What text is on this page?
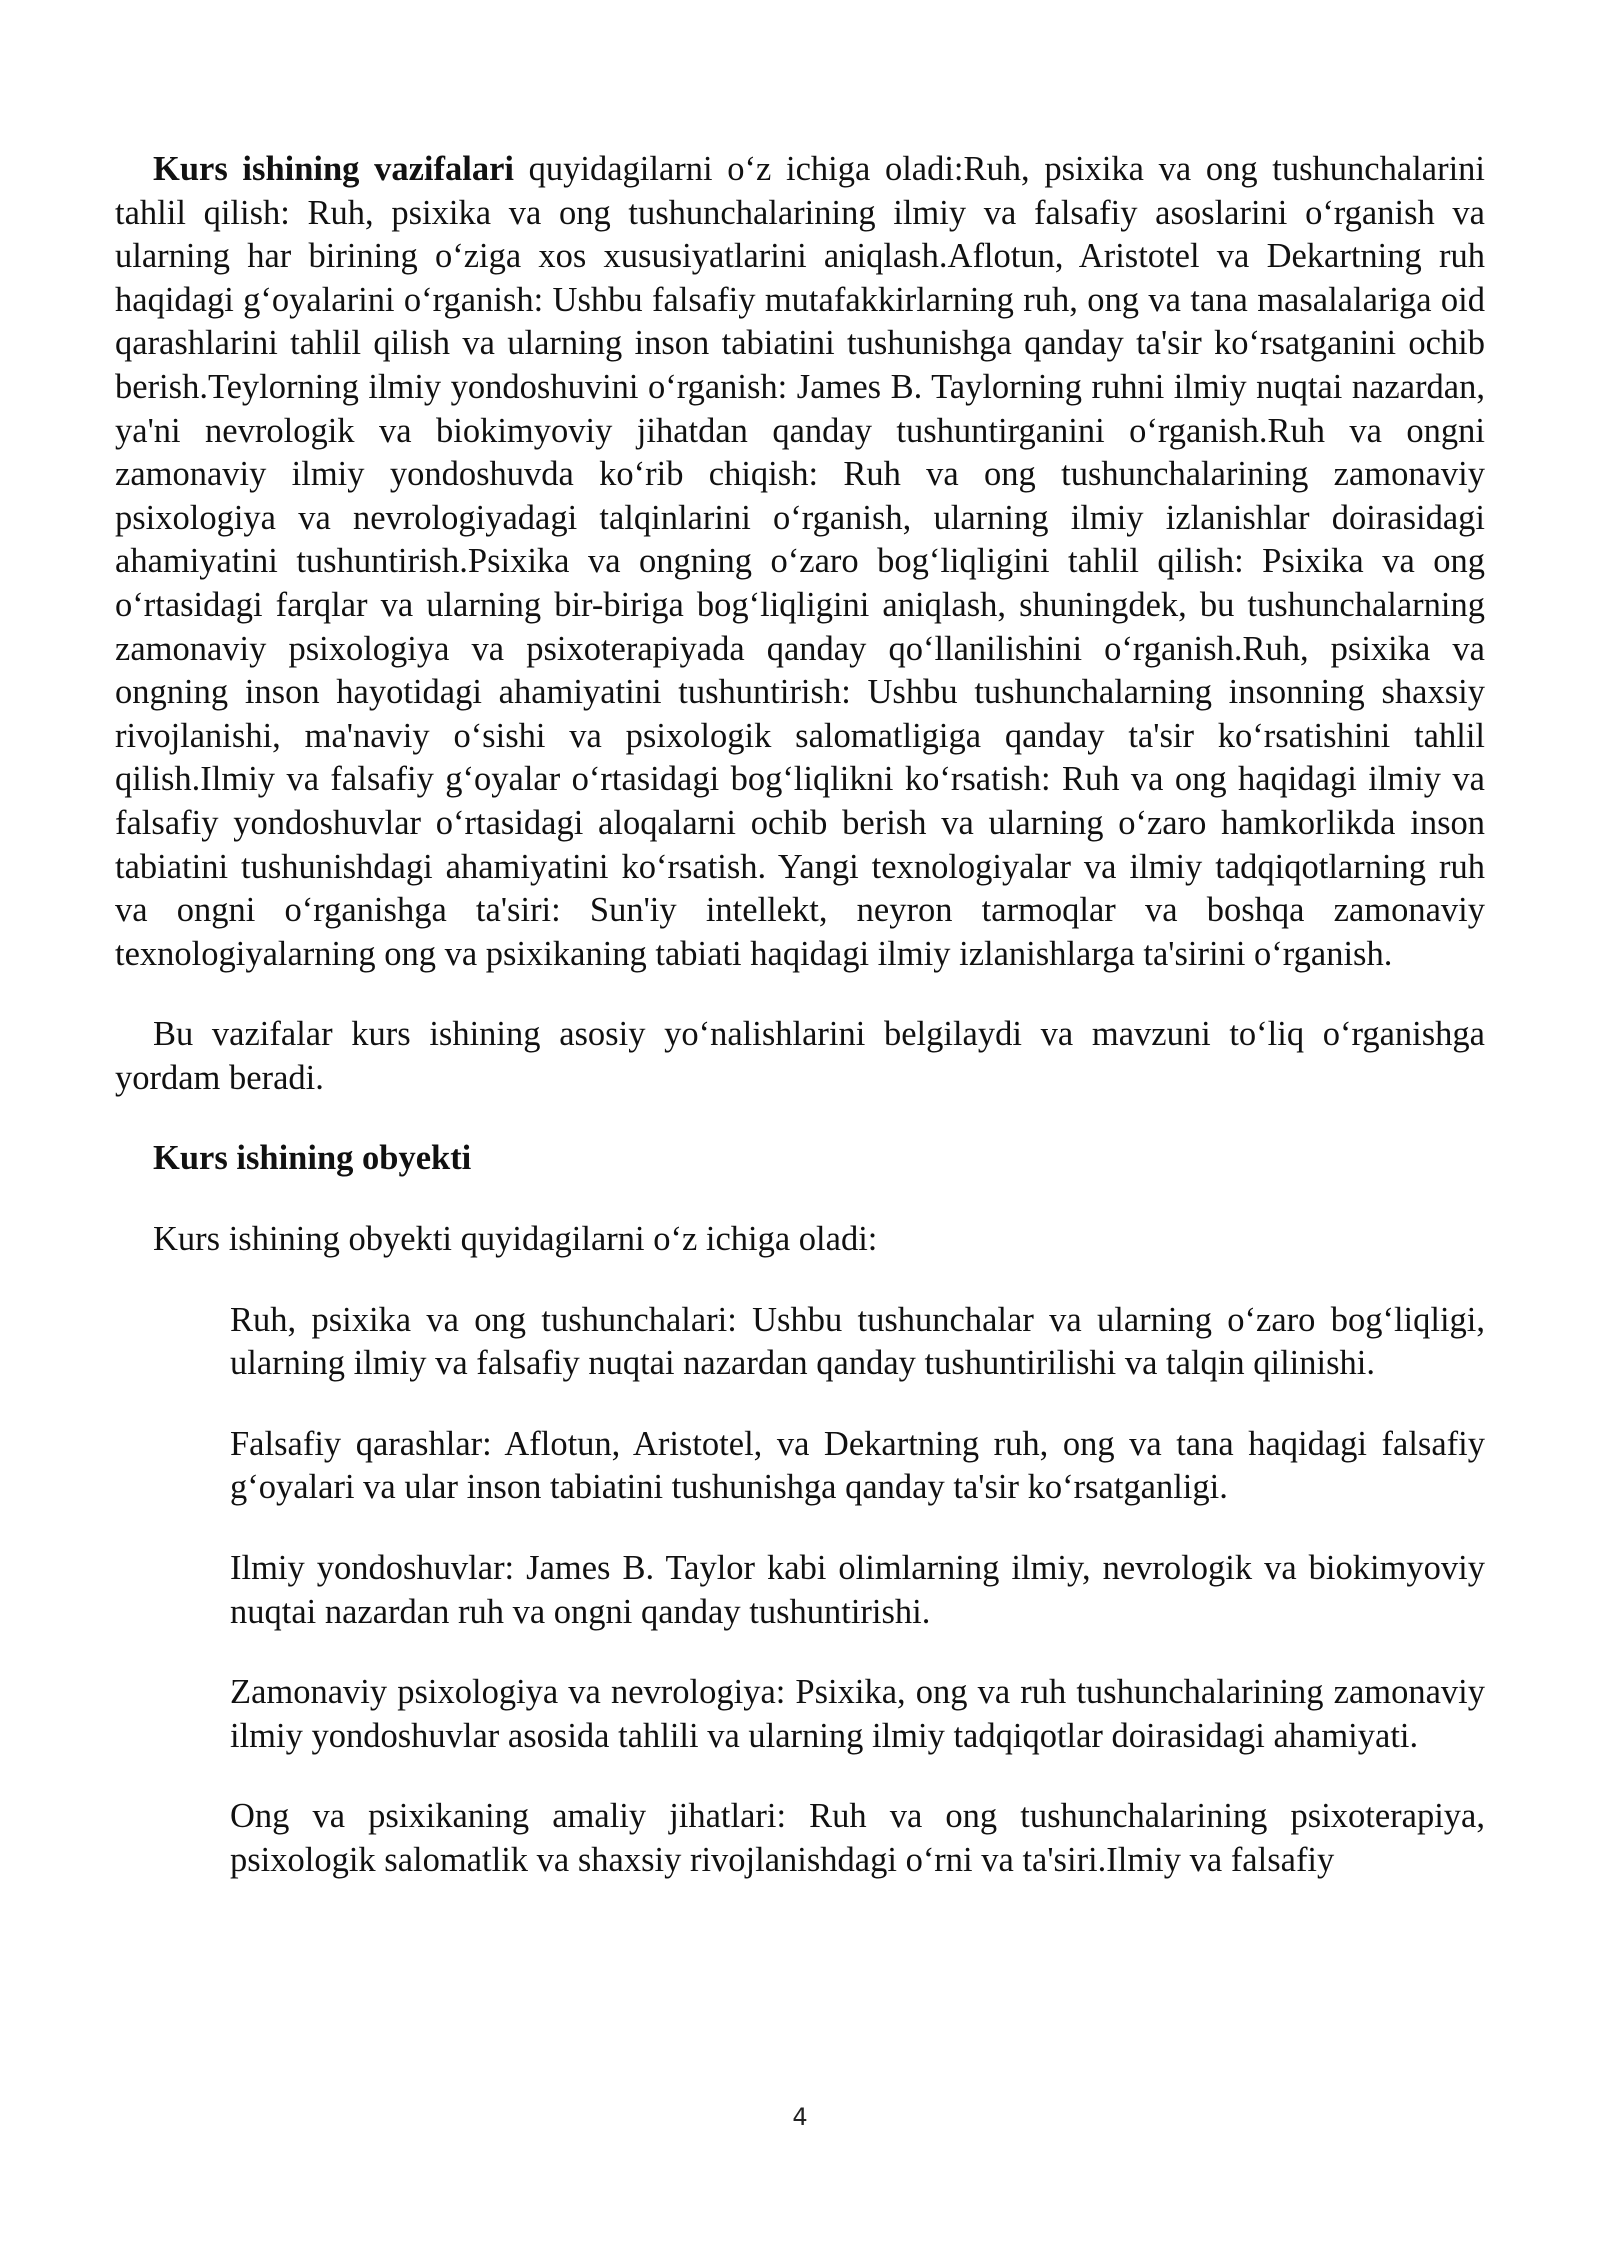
Kurs ishining vazifalari quyidagilarni o‘z ichiga oladi:Ruh, psixika va ong tushunchalarini tahlil qilish: Ruh, psixika va ong tushunchalarining ilmiy va falsafiy asoslarini o‘rganish va ularning har birining o‘ziga xos xususiyatlarini aniqlash.Aflotun, Aristotel va Dekartning ruh haqidagi g‘oyalarini o‘rganish: Ushbu falsafiy mutafakkirlarning ruh, ong va tana masalalariga oid qarashlarini tahlil qilish va ularning inson tabiatini tushunishga qanday ta'sir ko‘rsatganini ochib berish.Teylorning ilmiy yondoshuvini o‘rganish: James B. Taylorning ruhni ilmiy nuqtai nazardan, ya'ni nevrologik va biokimyoviy jihatdan qanday tushuntirganini o‘rganish.Ruh va ongni zamonaviy ilmiy yondoshuvda ko‘rib chiqish: Ruh va ong tushunchalarining zamonaviy psixologiya va nevrologiyadagi talqinlarini o‘rganish, ularning ilmiy izlanishlar doirasidagi ahamiyatini tushuntirish.Psixika va ongning o‘zaro bog‘liqligini tahlil qilish: Psixika va ong o‘rtasidagi farqlar va ularning bir-biriga bog‘liqligini aniqlash, shuningdek, bu tushunchalarning zamonaviy psixologiya va psixoterapiyada qanday qo‘llanilishini o‘rganish.Ruh, psixika va ongning inson hayotidagi ahamiyatini tushuntirish: Ushbu tushunchalarning insonning shaxsiy rivojlanishi, ma'naviy o‘sishi va psixologik salomatligiga qanday ta'sir ko‘rsatishini tahlil qilish.Ilmiy va falsafiy g‘oyalar o‘rtasidagi bog‘liqlikni ko‘rsatish: Ruh va ong haqidagi ilmiy va falsafiy yondoshuvlar o‘rtasidagi aloqalarni ochib berish va ularning o‘zaro hamkorlikda inson tabiatini tushunishdagi ahamiyatini ko‘rsatish. Yangi texnologiyalar va ilmiy tadqiqotlarning ruh va ongni o‘rganishga ta'siri: Sun'iy intellekt, neyron tarmoqlar va boshqa zamonaviy texnologiyalarning ong va psixikaning tabiati haqidagi ilmiy izlanishlarga ta'sirini o‘rganish.

Bu vazifalar kurs ishining asosiy yo‘nalishlarini belgilaydi va mavzuni to‘liq o‘rganishga yordam beradi.

Kurs ishining obyekti

Kurs ishining obyekti quyidagilarni o‘z ichiga oladi:

Ruh, psixika va ong tushunchalari: Ushbu tushunchalar va ularning o‘zaro bog‘liqligi, ularning ilmiy va falsafiy nuqtai nazardan qanday tushuntirilishi va talqin qilinishi.

Falsafiy qarashlar: Aflotun, Aristotel, va Dekartning ruh, ong va tana haqidagi falsafiy g‘oyalari va ular inson tabiatini tushunishga qanday ta'sir ko‘rsatganligi.

Ilmiy yondoshuvlar: James B. Taylor kabi olimlarning ilmiy, nevrologik va biokimyoviy nuqtai nazardan ruh va ongni qanday tushuntirishi.

Zamonaviy psixologiya va nevrologiya: Psixika, ong va ruh tushunchalarining zamonaviy ilmiy yondoshuvlar asosida tahlili va ularning ilmiy tadqiqotlar doirasidagi ahamiyati.

Ong va psixikaning amaliy jihatlari: Ruh va ong tushunchalarining psixoterapiya, psixologik salomatlik va shaxsiy rivojlanishdagi o‘rni va ta'siri.Ilmiy va falsafiy

4
